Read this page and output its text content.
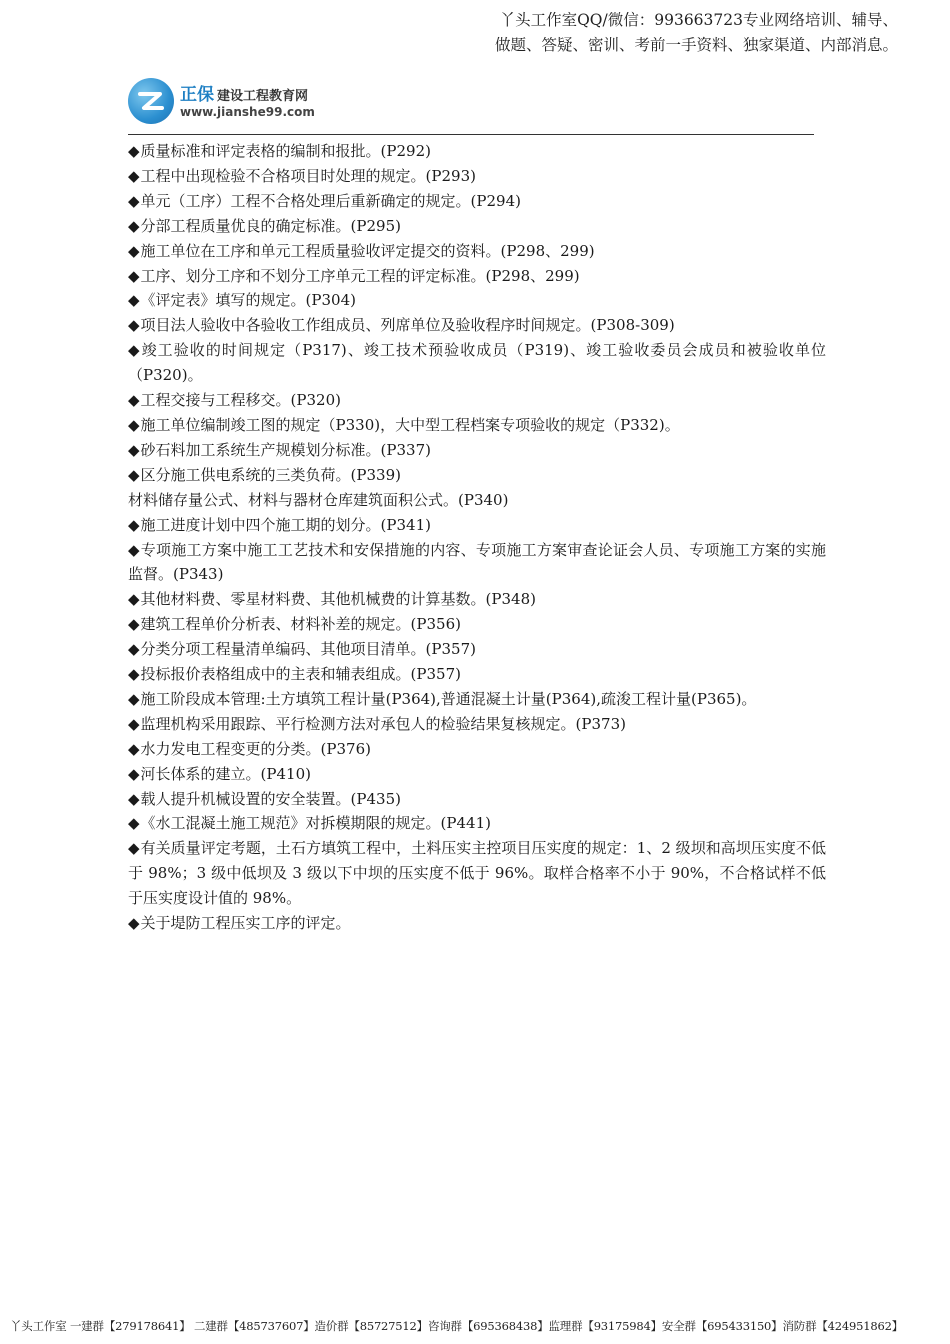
丫头工作室QQ/微信：993663723专业网络培训、辅导、
做题、答疑、密训、考前一手资料、独家渠道、内部消息。
正保 建设工程教育网
www.jianshe99.com

◆质量标准和评定表格的编制和报批。(P292)

◆工程中出现检验不合格项目时处理的规定。(P293)

◆单元（工序）工程不合格处理后重新确定的规定。(P294)

◆分部工程质量优良的确定标准。(P295)

◆施工单位在工序和单元工程质量验收评定提交的资料。(P298、299)

◆工序、划分工序和不划分工序单元工程的评定标准。(P298、299)

◆《评定表》填写的规定。(P304)

◆项目法人验收中各验收工作组成员、列席单位及验收程序时间规定。(P308-309)

◆竣工验收的时间规定（P317)、竣工技术预验收成员（P319)、竣工验收委员会成员和被验收单位（P320)。

◆工程交接与工程移交。(P320)

◆施工单位编制竣工图的规定（P330)，大中型工程档案专项验收的规定（P332)。

◆砂石料加工系统生产规模划分标准。(P337)

◆区分施工供电系统的三类负荷。(P339)

材料储存量公式、材料与器材仓库建筑面积公式。(P340)

◆施工进度计划中四个施工期的划分。(P341)

◆专项施工方案中施工工艺技术和安保措施的内容、专项施工方案审查论证会人员、专项施工方案的实施监督。(P343)

◆其他材料费、零星材料费、其他机械费的计算基数。(P348)

◆建筑工程单价分析表、材料补差的规定。(P356)

◆分类分项工程量清单编码、其他项目清单。(P357)

◆投标报价表格组成中的主表和辅表组成。(P357)

◆施工阶段成本管理:土方填筑工程计量(P364),普通混凝土计量(P364),疏浚工程计量(P365)。

◆监理机构采用跟踪、平行检测方法对承包人的检验结果复核规定。(P373)

◆水力发电工程变更的分类。(P376)

◆河长体系的建立。(P410)

◆载人提升机械设置的安全装置。(P435)

◆《水工混凝土施工规范》对拆模期限的规定。(P441)

◆有关质量评定考题，土石方填筑工程中，土料压实主控项目压实度的规定：1、2 级坝和高坝压实度不低于 98%；3 级中低坝及 3 级以下中坝的压实度不低于 96%。取样合格率不小于 90%，不合格试样不低于压实度设计值的 98%。

◆关于堤防工程压实工序的评定。

丫头工作室 一建群【279178641】 二建群【485737607】造价群【85727512】咨询群【695368438】监理群【93175984】安全群【695433150】消防群【424951862】
